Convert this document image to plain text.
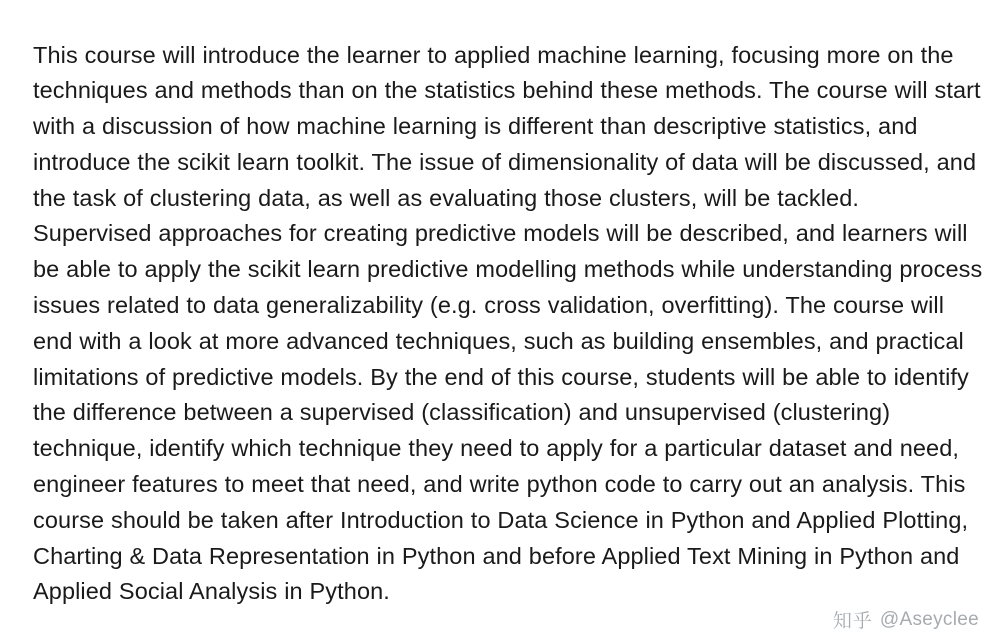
This course will introduce the learner to applied machine learning, focusing more on the techniques and methods than on the statistics behind these methods. The course will start with a discussion of how machine learning is different than descriptive statistics, and introduce the scikit learn toolkit. The issue of dimensionality of data will be discussed, and the task of clustering data, as well as evaluating those clusters, will be tackled. Supervised approaches for creating predictive models will be described, and learners will be able to apply the scikit learn predictive modelling methods while understanding process issues related to data generalizability (e.g. cross validation, overfitting). The course will end with a look at more advanced techniques, such as building ensembles, and practical limitations of predictive models. By the end of this course, students will be able to identify the difference between a supervised (classification) and unsupervised (clustering) technique, identify which technique they need to apply for a particular dataset and need, engineer features to meet that need, and write python code to carry out an analysis. This course should be taken after Introduction to Data Science in Python and Applied Plotting, Charting & Data Representation in Python and before Applied Text Mining in Python and Applied Social Analysis in Python.

知乎 @Aseyclee
